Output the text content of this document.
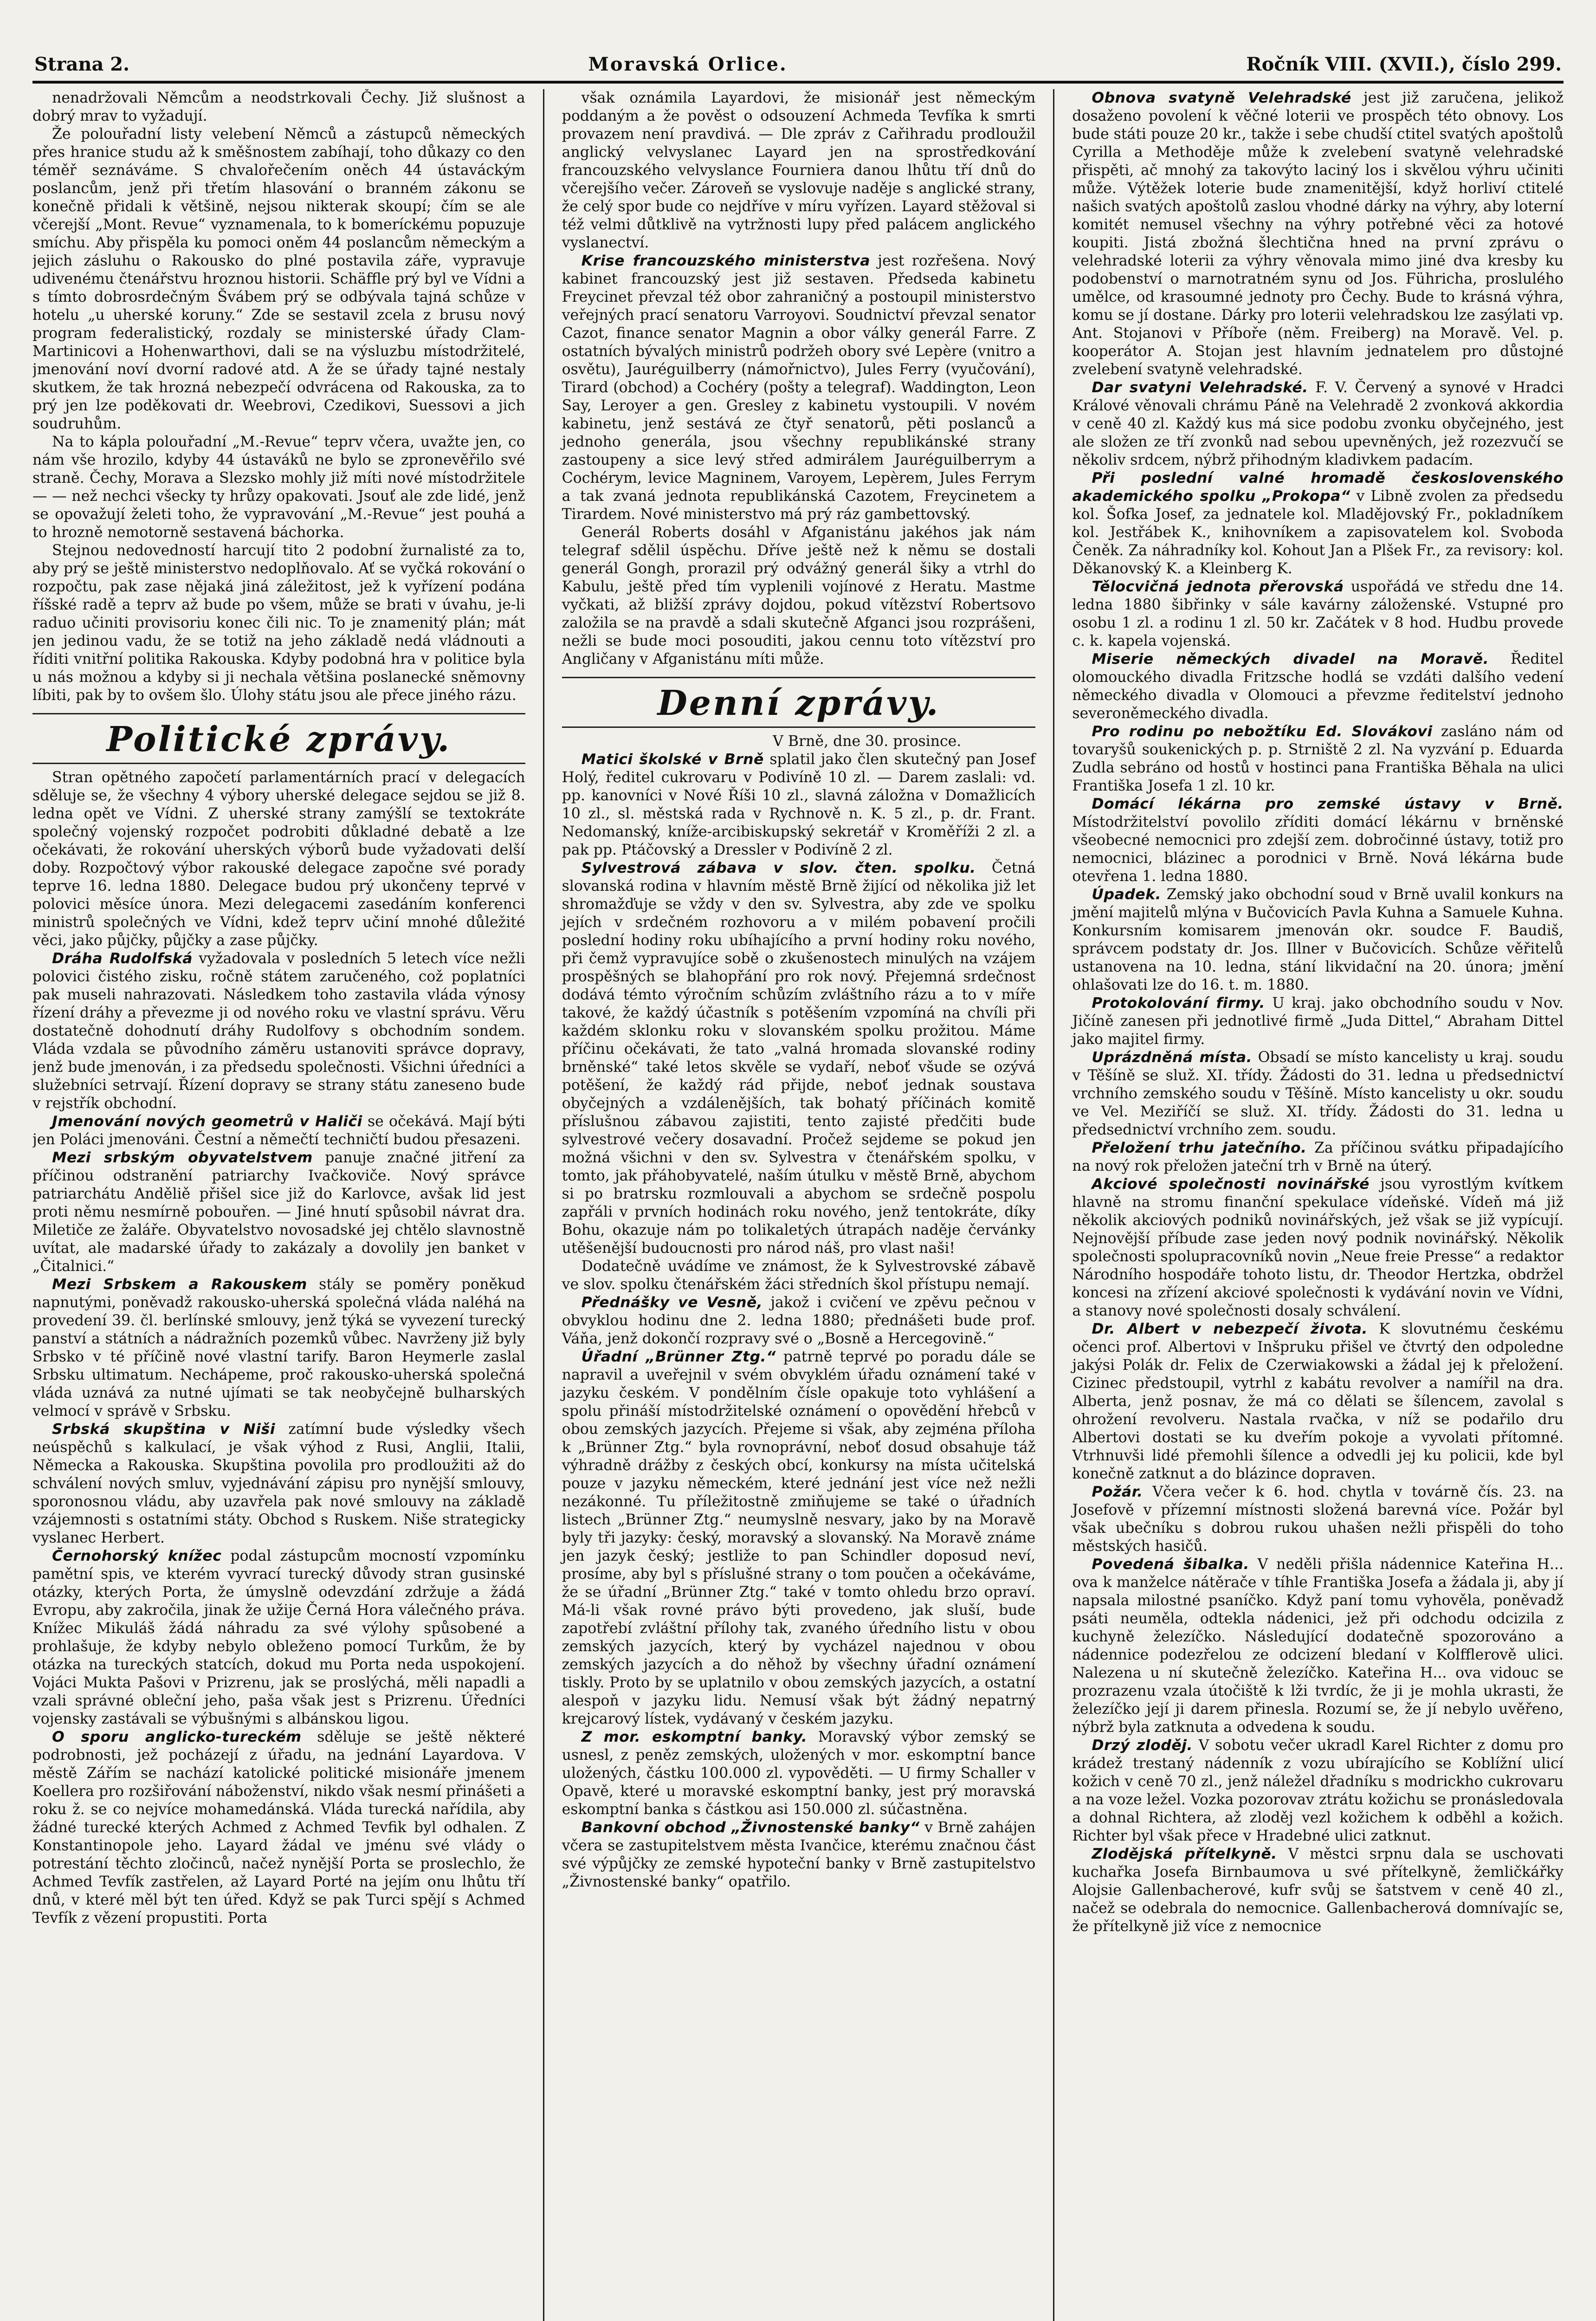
Strana 2.	Moravská Orlice.	Ročník VIII. (XVII.), číslo 299.

nenadržovali Němcům a neodstrkovali Čechy. Již slušnost a dobrý mrav to vyžadují.

Že polouřadní listy velebení Němců a zástupců německých přes hranice studu až k směšnostem zabíhají, toho důkazy co den téměř seznáváme. S chvalořečením oněch 44 ústaváckým poslancům, jenž při třetím hlasování o branném zákonu se konečně přidali k většině, nejsou nikterak skoupí; čím se ale včerejší „Mont. Revue“ vyznamenala, to k bomeríckému popuzuje smíchu. Aby přispěla ku pomoci oněm 44 poslancům německým a jejich zásluhu o Rakousko do plné postavila záře, vypravuje udivenému čtenářstvu hroznou historii. Schäffle prý byl ve Vídni a s tímto dobrosrdečným Švábem prý se odbývala tajná schůze v hotelu „u uherské koruny.“ Zde se sestavil zcela z brusu nový program federalistický, rozdaly se ministerské úřady Clam-Martinicovi a Hohenwarthovi, dali se na výsluzbu místodržitelé, jmenování noví dvorní radové atd. A že se úřady tajné nestaly skutkem, že tak hrozná nebezpečí odvrácena od Rakouska, za to prý jen lze poděkovati dr. Weebrovi, Czedikovi, Suessovi a jich soudruhům.

Na to kápla polouřadní „M.-Revue“ teprv včera, uvažte jen, co nám vše hrozilo, kdyby 44 ústaváků ne bylo se zpronevěřilo své straně. Čechy, Morava a Slezsko mohly již míti nové místodržitele — — než nechci všecky ty hrůzy opakovati. Jsouť ale zde lidé, jenž se opovažují želeti toho, že vypravování „M.-Revue“ jest pouhá a to hrozně nemotorně sestavená báchorka.

Stejnou nedovedností harcují tito 2 podobní žurnalisté za to, aby prý se ještě ministerstvo nedoplňovalo. Ať se vyčká rokování o rozpočtu, pak zase nějaká jiná záležitost, jež k vyřízení podána říšské radě a teprv až bude po všem, může se brati v úvahu, je-li raduo učiniti provisoriu konec čili nic. To je znamenitý plán; mát jen jedinou vadu, že se totiž na jeho základě nedá vládnouti a říditi vnitřní politika Rakouska. Kdyby podobná hra v politice byla u nás možnou a kdyby si ji nechala většina poslanecké sněmovny líbiti, pak by to ovšem šlo. Úlohy státu jsou ale přece jiného rázu.

Politické zprávy.

Stran opětného započetí parlamentárních prací v delegacích sděluje se, že všechny 4 výbory uherské delegace sejdou se již 8. ledna opět ve Vídni. Z uherské strany zamýšlí se textokráte společný vojenský rozpočet podrobiti důkladné debatě a lze očekávati, že rokování uherských výborů bude vyžadovati delší doby. Rozpočtový výbor rakouské delegace započne své porady teprve 16. ledna 1880. Delegace budou prý ukončeny teprvé v polovici měsíce února. Mezi delegacemi zasedáním konferenci ministrů společných ve Vídni, kdež teprv učiní mnohé důležité věci, jako půjčky, půjčky a zase půjčky.

Dráha Rudolfská vyžadovala v posledních 5 letech více nežli polovici čistého zisku, ročně státem zaručeného, což poplatníci pak museli nahrazovati. Následkem toho zastavila vláda výnosy řízení dráhy a převezme ji od nového roku ve vlastní správu. Věru dostatečně dohodnutí dráhy Rudolfovy s obchodním sondem. Vláda vzdala se původního záměru ustanoviti správce dopravy, jenž bude jmenován, i za předsedu společnosti. Všichni úředníci a služebníci setrvají. Řízení dopravy se strany státu zaneseno bude v rejstřík obchodní.

Jmenování nových geometrů v Haliči se očekává. Mají býti jen Poláci jmenováni. Čestní a němečtí techničtí budou přesazeni.

Mezi srbským obyvatelstvem panuje značné jitření za příčinou odstranění patriarchy Ivačkoviče. Nový správce patriarchátu Anděliě přišel sice již do Karlovce, avšak lid jest proti němu nesmírně pobouřen. — Jiné hnutí spůsobil návrat dra. Miletiče ze žaláře. Obyvatelstvo novosadské jej chtělo slavnostně uvítat, ale madarské úřady to zakázaly a dovolily jen banket v „Čitalnici.“

Mezi Srbskem a Rakouskem stály se poměry poněkud napnutými, poněvadž rakousko-uherská společná vláda naléhá na provedení 39. čl. berlínské smlouvy, jenž týká se vyvezení turecký panství a státních a nádražních pozemků vůbec. Navrženy již byly Srbsko v té příčině nové vlastní tarify. Baron Heymerle zaslal Srbsku ultimatum. Nechápeme, proč rakousko-uherská společná vláda uznává za nutné ujímati se tak neobyčejně bulharských velmocí v správě v Srbsku.

Srbská skupština v Niši zatímní bude výsledky všech neúspěchů s kalkulací, je však výhod z Rusi, Anglii, Italii, Německa a Rakouska. Skupština povolila pro prodloužiti až do schválení nových smluv, vyjednávání zápisu pro nynější smlouvy, sporonosnou vládu, aby uzavřela pak nové smlouvy na základě vzájemnosti s ostatními státy. Obchod s Ruskem. Niše strategicky vyslanec Herbert.

Černohorský knížec podal zástupcům mocností vzpomínku pamětní spis, ve kterém vyvrací turecký důvody stran gusinské otázky, kterých Porta, že úmyslně odevzdání zdržuje a žádá Evropu, aby zakročila, jinak že užije Černá Hora válečného práva. Knížec Mikuláš žádá náhradu za své výlohy spůsobené a prohlašuje, že kdyby nebylo obleženo pomocí Turkům, že by otázka na tureckých statcích, dokud mu Porta neda uspokojení. Vojáci Mukta Pašovi v Prizrenu, jak se proslýchá, měli napadli a vzali správné obleční jeho, paša však jest s Prizrenu. Úředníci vojensky zastávali se výbušnými s albánskou ligou.

O sporu anglicko-tureckém sděluje se ještě některé podrobnosti, jež pocházejí z úřadu, na jednání Layardova. V městě Zářím se nachází katolické politické misionáře jmenem Koellera pro rozšiřování náboženství, nikdo však nesmí přinášeti a roku ž. se co nejvíce mohamedánská. Vláda turecká nařídila, aby žádné turecké kterých Achmed z Achmed Tevfik byl odhalen. Z Konstantinopole jeho. Layard žádal ve jménu své vlády o potrestání těchto zločinců, načež nynější Porta se proslechlo, že Achmed Tevfík zastřelen, až Layard Porté na jejím onu lhůtu tří dnů, v které měl být ten úřed. Když se pak Turci spějí s Achmed Tevfík z vězení propustiti. Porta

však oznámila Layardovi, že misionář jest německým poddaným a že pověst o odsouzení Achmeda Tevfíka k smrti provazem není pravdivá. — Dle zpráv z Cařihradu prodloužil anglický velvyslanec Layard jen na sprostředkování francouzského velvyslance Fourniera danou lhůtu tří dnů do včerejšího večer. Zároveň se vyslovuje naděje s anglické strany, že celý spor bude co nejdříve v míru vyřízen. Layard stěžoval si též velmi důtklivě na vytržnosti lupy před palácem anglického vyslanectví.

Krise francouzského ministerstva jest rozřešena. Nový kabinet francouzský jest již sestaven. Předseda kabinetu Freycinet převzal též obor zahraničný a postoupil ministerstvo veřejných prací senatoru Varroyovi. Soudnictví převzal senator Cazot, finance senator Magnin a obor války generál Farre. Z ostatních bývalých ministrů podržeh obory své Lepère (vnitro a osvětu), Jauréguilberry (námořnictvo), Jules Ferry (vyučování), Tirard (obchod) a Cochéry (pošty a telegraf). Waddington, Leon Say, Leroyer a gen. Gresley z kabinetu vystoupili. V novém kabinetu, jenž sestává ze čtyř senatorů, pěti poslanců a jednoho generála, jsou všechny republikánské strany zastoupeny a sice levý střed admirálem Jauréguilberrym a Cochérym, levice Magninem, Varoyem, Lepèrem, Jules Ferrym a tak zvaná jednota republikánská Cazotem, Freycinetem a Tirardem. Nové ministerstvo má prý ráz gambettovský.

Generál Roberts dosáhl v Afganistánu jakéhos jak nám telegraf sdělil úspěchu. Dříve ještě než k němu se dostali generál Gongh, prorazil prý odvážný generál šiky a vtrhl do Kabulu, ještě před tím vyplenili vojínové z Heratu. Mastme vyčkati, až bližší zprávy dojdou, pokud vítězství Robertsovo založila se na pravdě a sdali skutečně Afganci jsou rozprášeni, nežli se bude moci posouditi, jakou cennu toto vítězství pro Angličany v Afganistánu míti může.

Denní zprávy.

V Brně, dne 30. prosince.

Matici školské v Brně splatil jako člen skutečný pan Josef Holý, ředitel cukrovaru v Podivíně 10 zl. — Darem zaslali: vd. pp. kanovníci v Nové Říši 10 zl., slavná záložna v Domažlicích 10 zl., sl. městská rada v Rychnově n. K. 5 zl., p. dr. Frant. Nedomanský, kníže-arcibiskupský sekretář v Kroměříži 2 zl. a pak pp. Ptáčovský a Dressler v Podivíně 2 zl.

Sylvestrová zábava v slov. čten. spolku. Četná slovanská rodina v hlavním městě Brně žijící od několika již let shromažďuje se vždy v den sv. Sylvestra, aby zde ve spolku jejích v srdečném rozhovoru a v milém pobavení pročili poslední hodiny roku ubíhajícího a první hodiny roku nového, při čemž vypravujíce sobě o zkušenostech minulých na vzájem prospěšných se blahopřání pro rok nový. Přejemná srdečnost dodává témto výročním schůzím zvláštního rázu a to v míře takové, že každý účastník s potěšením vzpomíná na chvíli při každém sklonku roku v slovanském spolku prožitou. Máme příčinu očekávati, že tato „valná hromada slovanské rodiny brněnské“ také letos skvěle se vydaří, neboť všude se ozývá potěšení, že každý rád přijde, neboť jednak soustava obyčejných a vzdálenějších, tak bohatý příčinách komitě příslušnou zábavou zajistiti, tento zajisté předčiti bude sylvestrové večery dosavadní. Pročež sejdeme se pokud jen možná všichni v den sv. Sylvestra v čtenářském spolku, v tomto, jak přáhobyvatelé, naším útulku v městě Brně, abychom si po bratrsku rozmlouvali a abychom se srdečně pospolu zapřáli v prvních hodinách roku nového, jenž tentokráte, díky Bohu, okazuje nám po tolikaletých útrapách naděje červánky utěšenější budoucnosti pro národ náš, pro vlast naši!

Dodatečně uvádíme ve známost, že k Sylvestrovské zábavě ve slov. spolku čtenářském žáci středních škol přístupu nemají.

Přednášky ve Vesně, jakož i cvičení ve zpěvu pečnou v obvyklou hodinu dne 2. ledna 1880; přednášeti bude prof. Váňa, jenž dokončí rozpravy své o „Bosně a Hercegovině.“

Úřadní „Brünner Ztg.“ patrně teprvé po poradu dále se napravil a uveřejnil v svém obvyklém úřadu oznámení také v jazyku českém. V pondělním čísle opakuje toto vyhlášení a spolu přináší místodržitelské oznámení o opovědění hřebců v obou zemských jazycích. Přejeme si však, aby zejména příloha k „Brünner Ztg.“ byla rovnoprávní, neboť dosud obsahuje táž výhradně drážby z českých obcí, konkursy na místa učitelská pouze v jazyku německém, které jednání jest více než nežli nezákonné. Tu příležitostně zmiňujeme se také o úřadních listech „Brünner Ztg.“ neumyslně nesvary, jako by na Moravě byly tři jazyky: český, moravský a slovanský. Na Moravě známe jen jazyk český; jestliže to pan Schindler doposud neví, prosíme, aby byl s příslušné strany o tom poučen a očekáváme, že se úřadní „Brünner Ztg.“ také v tomto ohledu brzo opraví. Má-li však rovné právo býti provedeno, jak sluší, bude zapotřebí zvláštní přílohy tak, zvaného úředního listu v obou zemských jazycích, který by vycházel najednou v obou zemských jazycích a do něhož by všechny úřadní oznámení tiskly. Proto by se uplatnilo v obou zemských jazycích, a ostatní alespoň v jazyku lidu. Nemusí však být žádný nepatrný krejcarový lístek, vydávaný v českém jazyku.

Z mor. eskomptní banky. Moravský výbor zemský se usnesl, z peněz zemských, uložených v mor. eskomptní bance uložených, částku 100.000 zl. vypověděti. — U firmy Schaller v Opavě, které u moravské eskomptní banky, jest prý moravská eskomptní banka s částkou asi 150.000 zl. súčastněna.

Bankovní obchod „Živnostenské banky“ v Brně zahájen včera se zastupitelstvem města Ivančice, kterému značnou část své výpůjčky ze zemské hypoteční banky v Brně zastupitelstvo „Živnostenské banky“ opatřilo.

Obnova svatyně Velehradské jest již zaručena, jelikož dosaženo povolení k věčné loterii ve prospěch této obnovy. Los bude státi pouze 20 kr., takže i sebe chudší ctitel svatých apoštolů Cyrilla a Methoděje může k zvelebení svatyně velehradské přispěti, ač mnohý za takovýto laciný los i skvělou výhru učiniti může. Výtěžek loterie bude znamenitější, když horliví ctitelé našich svatých apoštolů zaslou vhodné dárky na výhry, aby loterní komitét nemusel všechny na výhry potřebné věci za hotové koupiti. Jistá zbožná šlechtična hned na první zprávu o velehradské loterii za výhry věnovala mimo jiné dva kresby ku podobenství o marnotratném synu od Jos. Führicha, proslulého umělce, od krasoumné jednoty pro Čechy. Bude to krásná výhra, komu se jí dostane. Dárky pro loterii velehradskou lze zasýlati vp. Ant. Stojanovi v Příboře (něm. Freiberg) na Moravě. Vel. p. kooperátor A. Stojan jest hlavním jednatelem pro důstojné zvelebení svatyně velehradské.

Dar svatyni Velehradské. F. V. Červený a synové v Hradci Králové věnovali chrámu Páně na Velehradě 2 zvonková akkordia v ceně 40 zl. Každý kus má sice podobu zvonku obyčejného, jest ale složen ze tří zvonků nad sebou upevněných, jež rozezvučí se několiv srdcem, nýbrž přihodným kladivkem padacím.

Při poslední valné hromadě československého akademického spolku „Prokopa“ v Libně zvolen za předsedu kol. Šofka Josef, za jednatele kol. Mladějovský Fr., pokladníkem kol. Jestřábek K., knihovníkem a zapisovatelem kol. Svoboda Čeněk. Za náhradníky kol. Kohout Jan a Plšek Fr., za revisory: kol. Děkanovský K. a Kleinberg K.

Tělocvičná jednota přerovská uspořádá ve středu dne 14. ledna 1880 šibřinky v sále kavárny záloženské. Vstupné pro osobu 1 zl. a rodinu 1 zl. 50 kr. Začátek v 8 hod. Hudbu provede c. k. kapela vojenská.

Miserie německých divadel na Moravě. Ředitel olomouckého divadla Fritzsche hodlá se vzdáti dalšího vedení německého divadla v Olomouci a převzme ředitelství jednoho severoněmeckého divadla.

Pro rodinu po nebožtíku Ed. Slovákovi zasláno nám od tovaryšů soukenických p. p. Strniště 2 zl. Na vyzvání p. Eduarda Zudla sebráno od hostů v hostinci pana Františka Běhala na ulici Františka Josefa 1 zl. 10 kr.

Domácí lékárna pro zemské ústavy v Brně. Místodržitelství povolilo zříditi domácí lékárnu v brněnské všeobecné nemocnici pro zdejší zem. dobročinné ústavy, totiž pro nemocnici, blázinec a porodnici v Brně. Nová lékárna bude otevřena 1. ledna 1880.

Úpadek. Zemský jako obchodní soud v Brně uvalil konkurs na jmění majitelů mlýna v Bučovicích Pavla Kuhna a Samuele Kuhna. Konkursním komisarem jmenován okr. soudce F. Baudiš, správcem podstaty dr. Jos. Illner v Bučovicích. Schůze věřitelů ustanovena na 10. ledna, stání likvidační na 20. února; jmění ohlašovati lze do 16. t. m. 1880.

Protokolování firmy. U kraj. jako obchodního soudu v Nov. Jičíně zanesen při jednotlivé firmě „Juda Dittel,“ Abraham Dittel jako majitel firmy.

Uprázdněná místa. Obsadí se místo kancelisty u kraj. soudu v Těšíně se služ. XI. třídy. Žádosti do 31. ledna u předsednictví vrchního zemského soudu v Těšíně. Místo kancelisty u okr. soudu ve Vel. Meziříčí se služ. XI. třídy. Žádosti do 31. ledna u předsednictví vrchního zem. soudu.

Přeložení trhu jatečního. Za příčinou svátku připadajícího na nový rok přeložen jateční trh v Brně na úterý.

Akciové společnosti novinářské jsou vyrostlým kvítkem hlavně na stromu finanční spekulace vídeňské. Vídeň má již několik akciových podniků novinářských, jež však se již vypícují. Nejnovější příbude zase jeden nový podnik novinářský. Několik společnosti spolupracovníků novin „Neue freie Presse“ a redaktor Národního hospodáře tohoto listu, dr. Theodor Hertzka, obdržel koncesi na zřízení akciové společnosti k vydávání novin ve Vídni, a stanovy nové společnosti dosaly schválení.

Dr. Albert v nebezpečí života. K slovutnému českému očenci prof. Albertovi v Inšpruku přišel ve čtvrtý den odpoledne jakýsi Polák dr. Felix de Czerwiakowski a žádal jej k přeložení. Cizinec předstoupil, vytrhl z kabátu revolver a namířil na dra. Alberta, jenž posnav, že má co dělati se šílencem, zavolal s ohrožení revolveru. Nastala rvačka, v níž se podařilo dru Albertovi dostati se ku dveřím pokoje a vyvolati přítomné. Vtrhnuvši lidé přemohli šílence a odvedli jej ku policii, kde byl konečně zatknut a do blázince dopraven.

Požár. Včera večer k 6. hod. chytla v továrně čís. 23. na Josefově v přízemní místnosti složená barevná více. Požár byl však ubečníku s dobrou rukou uhašen nežli přispěli do toho městských hasičů.

Povedená šibalka. V neděli přišla nádennice Kateřina H... ova k manželce nátěrače v tíhle Františka Josefa a žádala ji, aby jí napsala milostné psaníčko. Když paní tomu vyhověla, poněvadž psáti neuměla, odtekla nádenici, jež při odchodu odcizila z kuchyně železíčko. Následující dodatečně spozorováno a nádennice podezřelou ze odcizení bledaní v Kolfflerově ulici. Nalezena u ní skutečně železíčko. Kateřina H... ova vidouc se prozrazenu vzala útočiště k lži tvrdíc, že ji je mohla ukrasti, že železíčko její ji darem přinesla. Rozumí se, že jí nebylo uvěřeno, nýbrž byla zatknuta a odvedena k soudu.

Drzý zloděj. V sobotu večer ukradl Karel Richter z domu pro krádež trestaný nádenník z vozu ubírajícího se Koblížní ulicí kožich v ceně 70 zl., jenž náležel dřadníku s modrickho cukrovaru a na voze ležel. Vozka pozorovav ztrátu kožichu se pronásledovala a dohnal Richtera, až zloděj vezl kožichem k odběhl a kožich. Richter byl však přece v Hradebné ulici zatknut.

Zlodějská přítelkyně. V městci srpnu dala se uschovati kuchařka Josefa Birnbaumova u své přítelkyně, žemličkářky Alojsie Gallenbacherové, kufr svůj se šatstvem v ceně 40 zl., načež se odebrala do nemocnice. Gallenbacherová domnívajíc se, že přítelkyně již více z nemocnice
